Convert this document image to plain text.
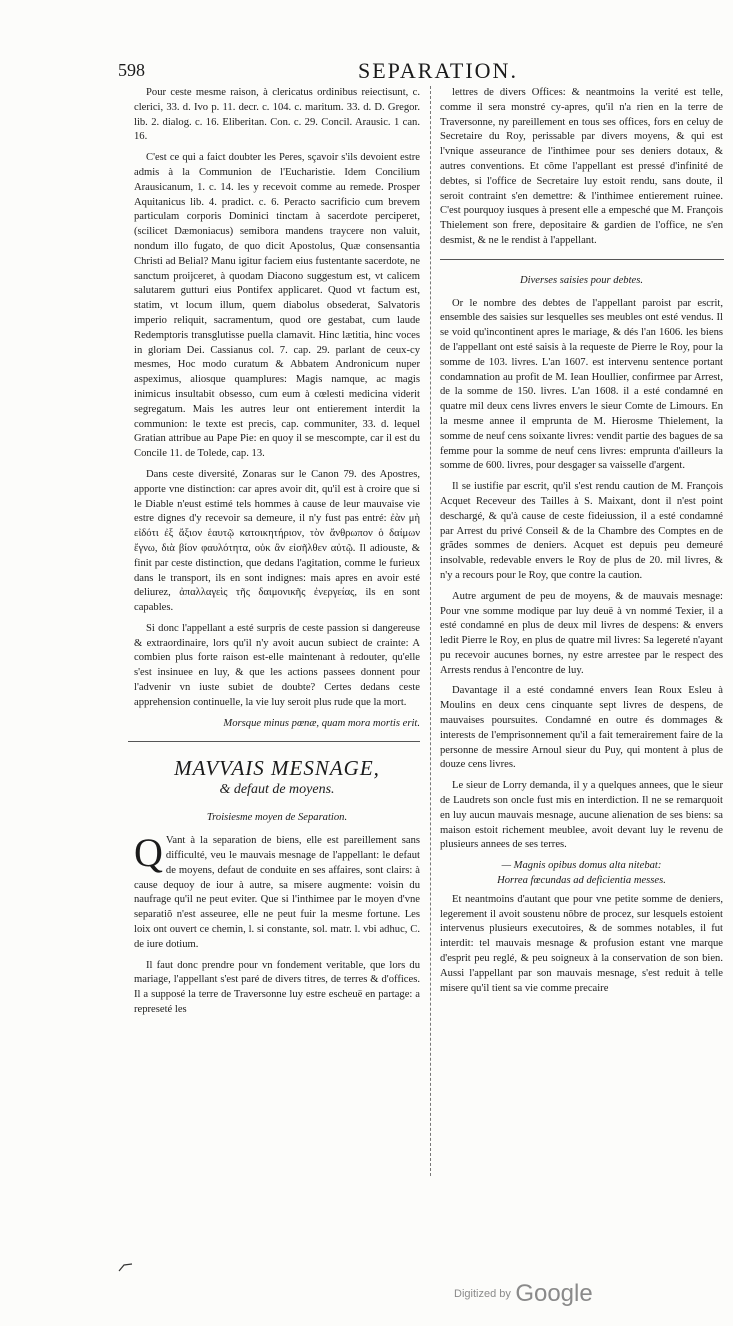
598	SEPARATION.

Pour ceste mesme raison, à clericatus ordinibus reiectisunt, c. clerici, 33. d. Ivo p. 11. decr. c. 104. c. maritum. 33. d. D. Gregor. lib. 2. dialog. c. 16. Eliberitan. Con. c. 29. Concil. Arausic. 1 can. 16.

C'est ce qui a faict doubter les Peres, sçavoir s'ils devoient estre admis à la Communion de l'Eucharistie. Idem Concilium Arausicanum, 1. c. 14. les y recevoit comme au remede. Prosper Aquitanicus lib. 4. pradict. c. 6. Peracto sacrificio cum brevem particulam corporis Dominici tinctam à sacerdote perciperet, (scilicet Dæmoniacus) semibora mandens traycere non valuit, nondum illo fugato, de quo dicit Apostolus, Quæ consensantia Christi ad Belial? Manu igitur faciem eius fustentante sacerdote, ne sanctum proijceret, à quodam Diacono suggestum est, vt calicem salutarem gutturi eius Pontifex applicaret. Quod vt factum est, statim, vt locum illum, quem diabolus obsederat, Salvatoris imperio reliquit, sacramentum, quod ore gestabat, cum laude Redemptoris transglutisse puella clamavit. Hinc lætitia, hinc voces in gloriam Dei. Cassianus col. 7. cap. 29. parlant de ceux-cy mesmes, Hoc modo curatum & Abbatem Andronicum nuper aspeximus, aliosque quamplures: Magis namque, ac magis inimicus insultabit obsesso, cum eum à cœlesti medicina viderit segregatum. Mais les autres leur ont entierement interdit la communion: le texte est precis, cap. communiter, 33. d. lequel Gratian attribue au Pape Pie: en quoy il se mescompte, car il est du Concile 11. de Tolede, cap. 13.

Dans ceste diversité, Zonaras sur le Canon 79. des Apostres, apporte vne distinction: car apres avoir dit, qu'il est à croire que si le Diable n'eust estimé tels hommes à cause de leur mauvaise vie estre dignes d'y recevoir sa demeure, il n'y fust pas entré: ἐὰν μὴ εἰδότι ἐξ ἄξιον ἑαυτῷ κατοικητήριον, τὸν ἄνθρωπον ὁ δαίμων ἔγνω, διὰ βίον φαυλότητα, οὐκ ἂν εἰσῆλθεν αὐτῷ. Il adiouste, & finit par ceste distinction, que dedans l'agitation, comme le furieux dans le transport, ils en sont indignes: mais apres en avoir esté deliurez, ἀπαλλαγεὶς τῆς δαιμονικῆς ἐνεργείας, ils en sont capables.

Si donc l'appellant a esté surpris de ceste passion si dangereuse & extraordinaire, lors qu'il n'y avoit aucun subiect de crainte: A combien plus forte raison est-elle maintenant à redouter, qu'elle s'est insinuee en luy, & que les actions passees donnent pour l'advenir vn iuste subiet de doubte? Certes dedans ceste apprehension continuelle, la vie luy seroit plus rude que la mort.

Morsque minus pœnæ, quam mora mortis erit.
MAVVAIS MESNAGE,
& defaut de moyens.
Troisiesme moyen de Separation.
Q Vant à la separation de biens, elle est pareillement sans difficulté, veu le mauvais mesnage de l'appellant: le defaut de moyens, defaut de conduite en ses affaires, sont clairs: à cause dequoy de iour à autre, sa misere augmente: voisin du naufrage qu'il ne peut eviter. Que si l'inthimee par le moyen d'vne separatiõ n'est asseuree, elle ne peut fuir la mesme fortune. Les loix ont ouvert ce chemin, l. si constante, sol. matr. l. vbi adhuc, C. de iure dotium.

Il faut donc prendre pour vn fondement veritable, que lors du mariage, l'appellant s'est paré de divers titres, de terres & d'offices. Il a supposé la terre de Traversonne luy estre escheuë en partage: a represeté les

lettres de divers Offices: & neantmoins la verité est telle, comme il sera monstré cy-apres, qu'il n'a rien en la terre de Traversonne, ny pareillement en tous ses offices, fors en celuy de Secretaire du Roy, perissable par divers moyens, & qui est l'vnique asseurance de l'inthimee pour ses deniers dotaux, & autres conventions. Et cõme l'appellant est pressé d'infinité de debtes, si l'office de Secretaire luy estoit rendu, sans doute, il seroit contraint s'en demettre: & l'inthimee entierement ruinee. C'est pourquoy iusques à present elle a empesché que M. François Thielement son frere, depositaire & gardien de l'office, ne s'en desmist, & ne le rendist à l'appellant.

Diverses saisies pour debtes.

Or le nombre des debtes de l'appellant paroist par escrit, ensemble des saisies sur lesquelles ses meubles ont esté vendus. Il se void qu'incontinent apres le mariage, & dés l'an 1606. les biens de l'appellant ont esté saisis à la requeste de Pierre le Roy, pour la somme de 103. livres. L'an 1607. est intervenu sentence portant condamnation au profit de M. Iean Houllier, confirmee par Arrest, de la somme de 150. livres. L'an 1608. il a esté condamné en quatre mil deux cens livres envers le sieur Comte de Limours. En la mesme annee il emprunta de M. Hierosme Thielement, la somme de neuf cens soixante livres: vendit partie des bagues de sa femme pour la somme de neuf cens livres: emprunta d'ailleurs la somme de 600. livres, pour desgager sa vaisselle d'argent.

Il se iustifie par escrit, qu'il s'est rendu caution de M. François Acquet Receveur des Tailles à S. Maixant, dont il n'est point deschargé, & qu'à cause de ceste fideiussion, il a esté condamné par Arrest du privé Conseil & de la Chambre des Comptes en de grãdes sommes de deniers. Acquet est depuis peu demeuré insolvable, redevable envers le Roy de plus de 20. mil livres, & n'y a recours pour le Roy, que contre la caution.

Autre argument de peu de moyens, & de mauvais mesnage: Pour vne somme modique par luy deuë à vn nommé Texier, il a esté condamné en plus de deux mil livres de despens: & envers ledit Pierre le Roy, en plus de quatre mil livres: Sa legereté n'ayant pu recevoir aucunes bornes, ny estre arrestee par le respect des Arrests rendus à l'encontre de luy.

Davantage il a esté condamné envers Iean Roux Esleu à Moulins en deux cens cinquante sept livres de despens, de mauvaises poursuites. Condamné en outre és dommages & interests de l'emprisonnement qu'il a fait temerairement faire de la personne de messire Arnoul sieur du Puy, qui montent à plus de douze cens livres.

Le sieur de Lorry demanda, il y a quelques annees, que le sieur de Laudrets son oncle fust mis en interdiction. Il ne se remarquoit en luy aucun mauvais mesnage, aucune alienation de ses biens: sa maison estoit richement meublee, avoit devant luy le revenu de plusieurs annees de ses terres.

— Magnis opibus domus alta nitebat:
Horrea fœcundas ad deficientia messes.

Et neantmoins d'autant que pour vne petite somme de deniers, legerement il avoit soustenu nõbre de procez, sur lesquels estoient intervenus plusieurs executoires, & de sommes notables, il fut interdit: tel mauvais mesnage & profusion estant vne marque d'esprit peu reglé, & peu soigneux à la conservation de son bien. Aussi l'appellant par son mauvais mesnage, s'est reduit à telle misere qu'il tient sa vie comme precaire

Digitized by Google
